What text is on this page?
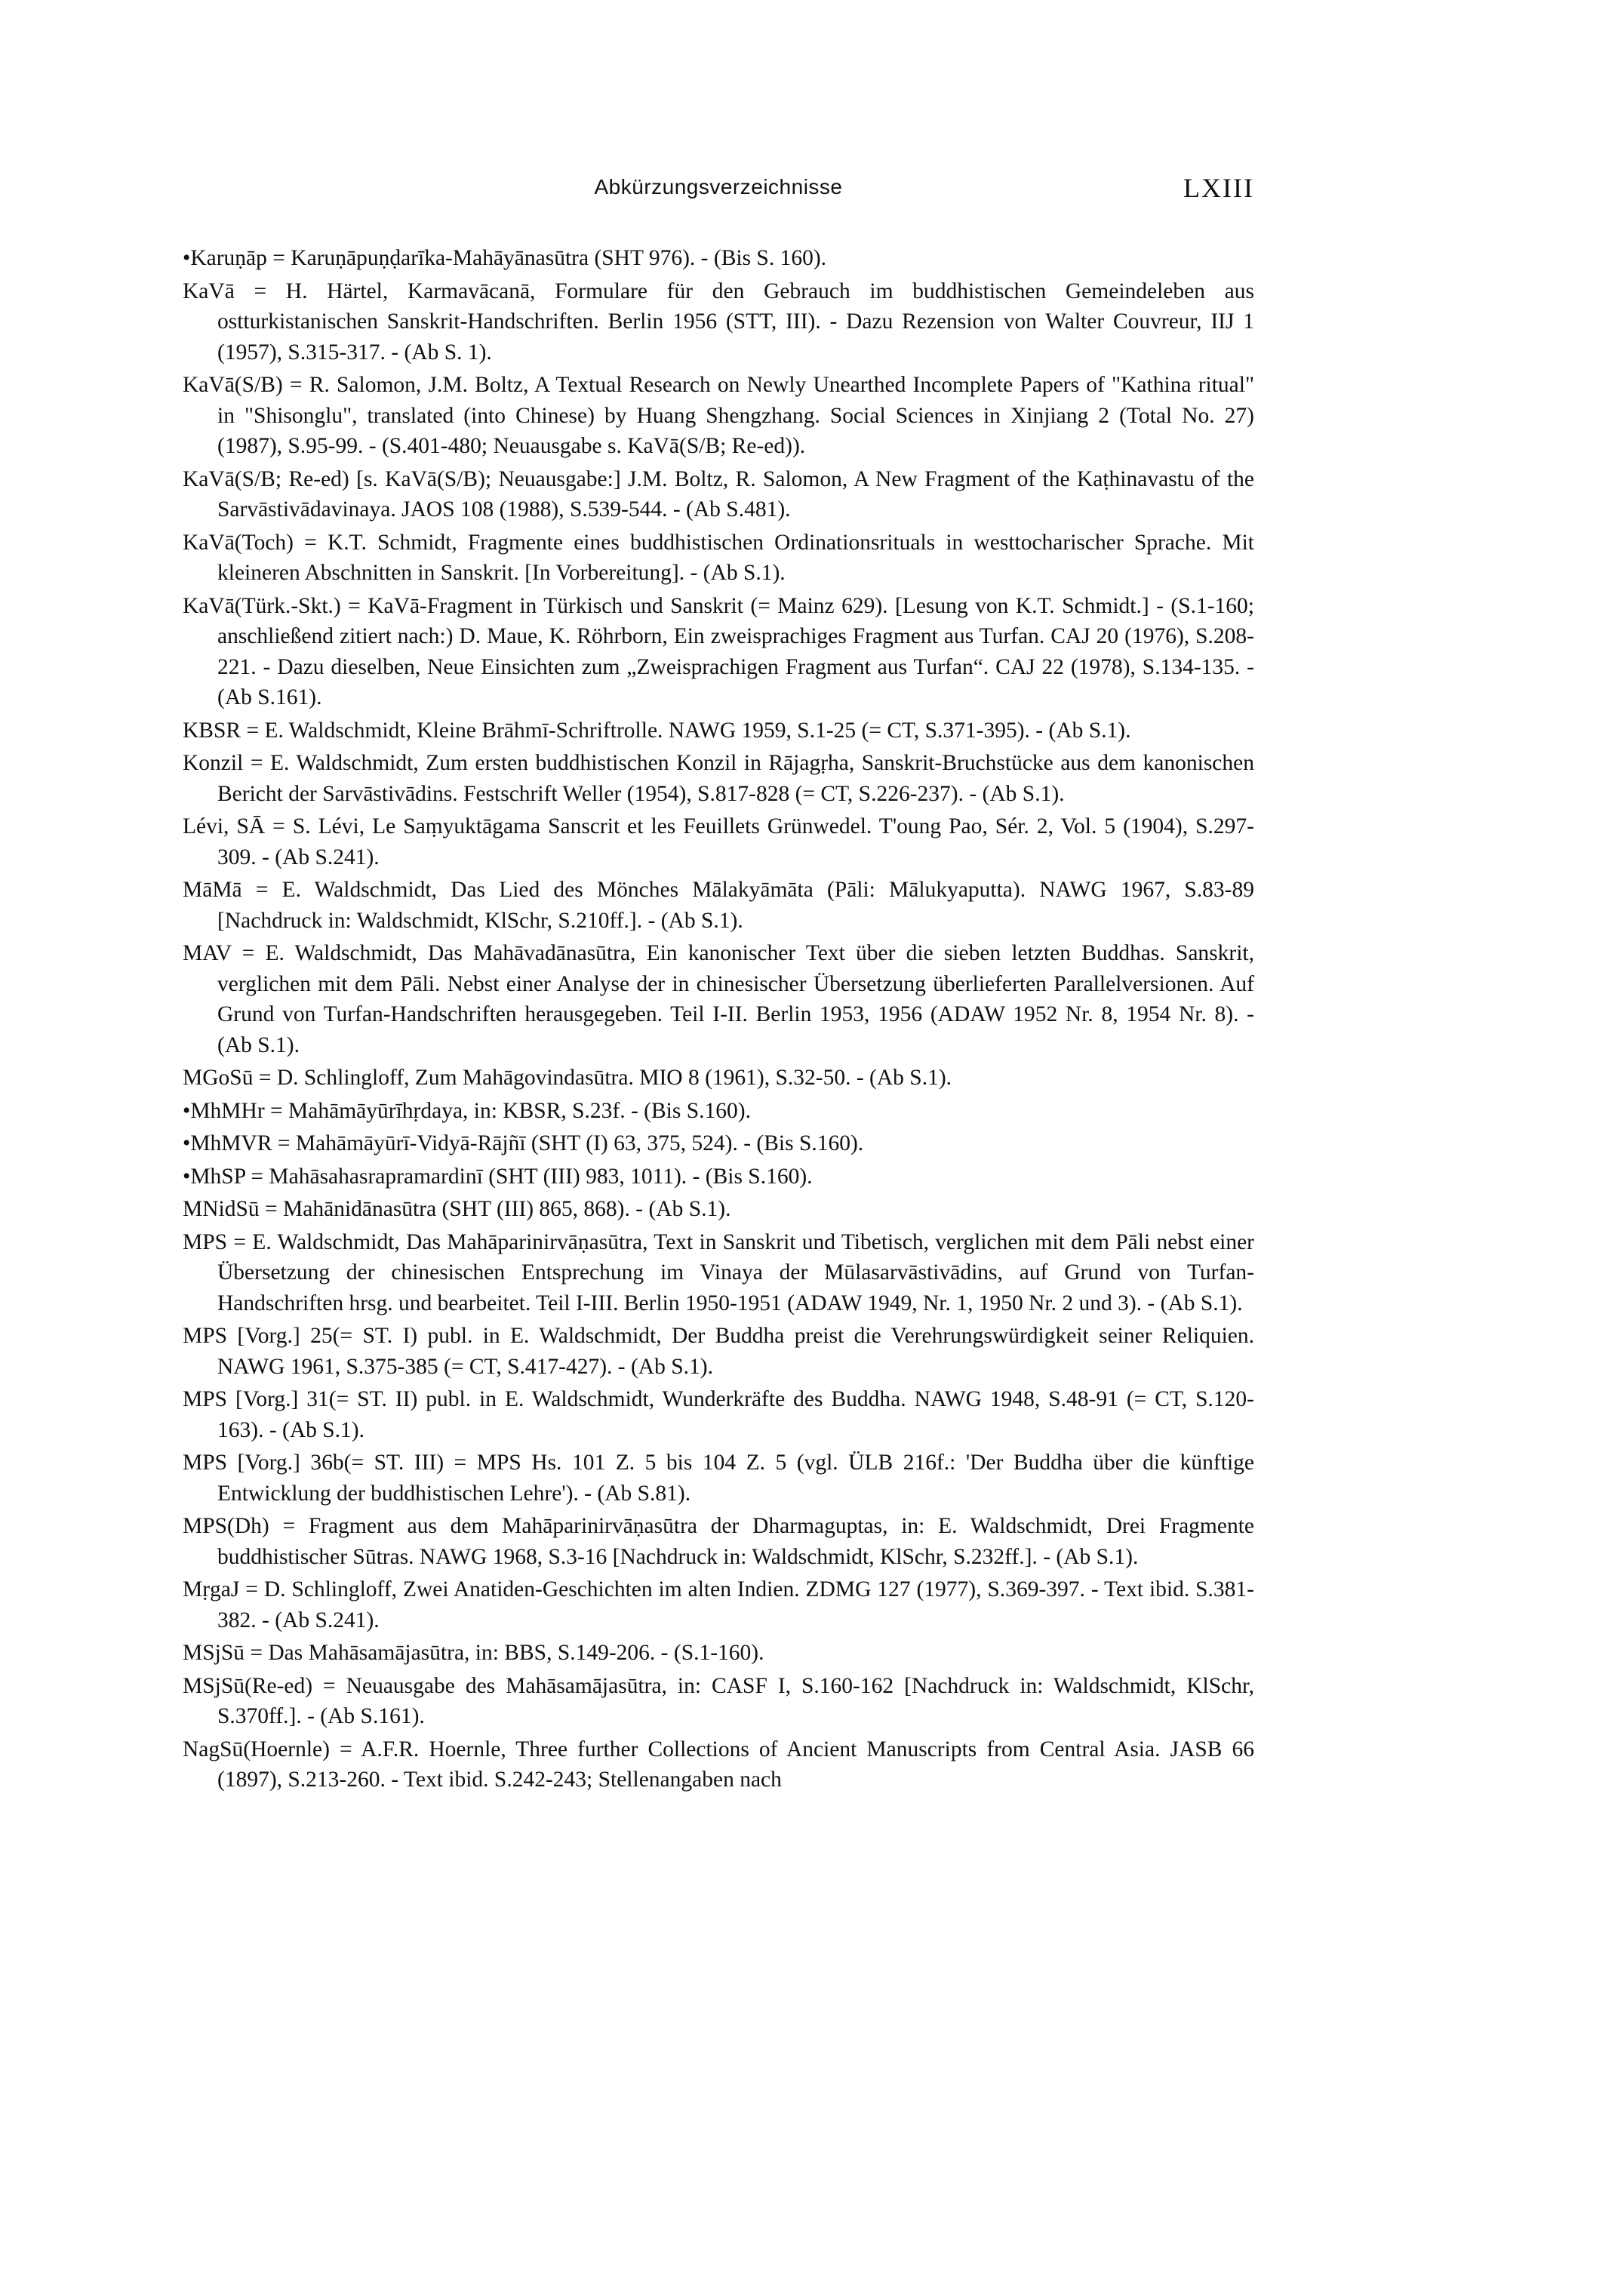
Abkürzungsverzeichnisse	LXIII

•Karuṇāp = Karuṇāpuṇḍarīka-Mahāyānasūtra (SHT 976). - (Bis S. 160).

KaVā = H. Härtel, Karmavācanā, Formulare für den Gebrauch im buddhistischen Gemeindeleben aus ostturkistanischen Sanskrit-Handschriften. Berlin 1956 (STT, III). - Dazu Rezension von Walter Couvreur, IIJ 1 (1957), S.315-317. - (Ab S. 1).

KaVā(S/B) = R. Salomon, J.M. Boltz, A Textual Research on Newly Unearthed Incomplete Papers of "Kathina ritual" in "Shisonglu", translated (into Chinese) by Huang Shengzhang. Social Sciences in Xinjiang 2 (Total No. 27) (1987), S.95-99. - (S.401-480; Neuausgabe s. KaVā(S/B; Re-ed)).

KaVā(S/B; Re-ed) [s. KaVā(S/B); Neuausgabe:] J.M. Boltz, R. Salomon, A New Fragment of the Kaṭhinavastu of the Sarvāstivādavinaya. JAOS 108 (1988), S.539-544. - (Ab S.481).

KaVā(Toch) = K.T. Schmidt, Fragmente eines buddhistischen Ordinationsrituals in westtocharischer Sprache. Mit kleineren Abschnitten in Sanskrit. [In Vorbereitung]. - (Ab S.1).

KaVā(Türk.-Skt.) = KaVā-Fragment in Türkisch und Sanskrit (= Mainz 629). [Lesung von K.T. Schmidt.] - (S.1-160; anschließend zitiert nach:) D. Maue, K. Röhrborn, Ein zweisprachiges Fragment aus Turfan. CAJ 20 (1976), S.208-221. - Dazu dieselben, Neue Einsichten zum „Zweisprachigen Fragment aus Turfan“. CAJ 22 (1978), S.134-135. - (Ab S.161).

KBSR = E. Waldschmidt, Kleine Brāhmī-Schriftrolle. NAWG 1959, S.1-25 (= CT, S.371-395). - (Ab S.1).

Konzil = E. Waldschmidt, Zum ersten buddhistischen Konzil in Rājagṛha, Sanskrit-Bruchstücke aus dem kanonischen Bericht der Sarvāstivādins. Festschrift Weller (1954), S.817-828 (= CT, S.226-237). - (Ab S.1).

Lévi, SĀ = S. Lévi, Le Saṃyuktāgama Sanscrit et les Feuillets Grünwedel. T'oung Pao, Sér. 2, Vol. 5 (1904), S.297-309. - (Ab S.241).

MāMā = E. Waldschmidt, Das Lied des Mönches Mālakyāmāta (Pāli: Mālukyaputta). NAWG 1967, S.83-89 [Nachdruck in: Waldschmidt, KlSchr, S.210ff.]. - (Ab S.1).

MAV = E. Waldschmidt, Das Mahāvadānasūtra, Ein kanonischer Text über die sieben letzten Buddhas. Sanskrit, verglichen mit dem Pāli. Nebst einer Analyse der in chinesischer Übersetzung überlieferten Parallelversionen. Auf Grund von Turfan-Handschriften herausgegeben. Teil I-II. Berlin 1953, 1956 (ADAW 1952 Nr. 8, 1954 Nr. 8). - (Ab S.1).

MGoSū = D. Schlingloff, Zum Mahāgovindasūtra. MIO 8 (1961), S.32-50. - (Ab S.1).

•MhMHr = Mahāmāyūrīhṛdaya, in: KBSR, S.23f. - (Bis S.160).

•MhMVR = Mahāmāyūrī-Vidyā-Rājñī (SHT (I) 63, 375, 524). - (Bis S.160).

•MhSP = Mahāsahasrapramardinī (SHT (III) 983, 1011). - (Bis S.160).

MNidSū = Mahānidānasūtra (SHT (III) 865, 868). - (Ab S.1).

MPS = E. Waldschmidt, Das Mahāparinirvāṇasūtra, Text in Sanskrit und Tibetisch, verglichen mit dem Pāli nebst einer Übersetzung der chinesischen Entsprechung im Vinaya der Mūlasarvāstivādins, auf Grund von Turfan-Handschriften hrsg. und bearbeitet. Teil I-III. Berlin 1950-1951 (ADAW 1949, Nr. 1, 1950 Nr. 2 und 3). - (Ab S.1).

MPS [Vorg.] 25(= ST. I) publ. in E. Waldschmidt, Der Buddha preist die Verehrungswürdigkeit seiner Reliquien. NAWG 1961, S.375-385 (= CT, S.417-427). - (Ab S.1).

MPS [Vorg.] 31(= ST. II) publ. in E. Waldschmidt, Wunderkräfte des Buddha. NAWG 1948, S.48-91 (= CT, S.120-163). - (Ab S.1).

MPS [Vorg.] 36b(= ST. III) = MPS Hs. 101 Z. 5 bis 104 Z. 5 (vgl. ÜLB 216f.: 'Der Buddha über die künftige Entwicklung der buddhistischen Lehre'). - (Ab S.81).

MPS(Dh) = Fragment aus dem Mahāparinirvāṇasūtra der Dharmaguptas, in: E. Waldschmidt, Drei Fragmente buddhistischer Sūtras. NAWG 1968, S.3-16 [Nachdruck in: Waldschmidt, KlSchr, S.232ff.]. - (Ab S.1).

MṛgaJ = D. Schlingloff, Zwei Anatiden-Geschichten im alten Indien. ZDMG 127 (1977), S.369-397. - Text ibid. S.381-382. - (Ab S.241).

MSjSū = Das Mahāsamājasūtra, in: BBS, S.149-206. - (S.1-160).

MSjSū(Re-ed) = Neuausgabe des Mahāsamājasūtra, in: CASF I, S.160-162 [Nachdruck in: Waldschmidt, KlSchr, S.370ff.]. - (Ab S.161).

NagSū(Hoernle) = A.F.R. Hoernle, Three further Collections of Ancient Manuscripts from Central Asia. JASB 66 (1897), S.213-260. - Text ibid. S.242-243; Stellenangaben nach
